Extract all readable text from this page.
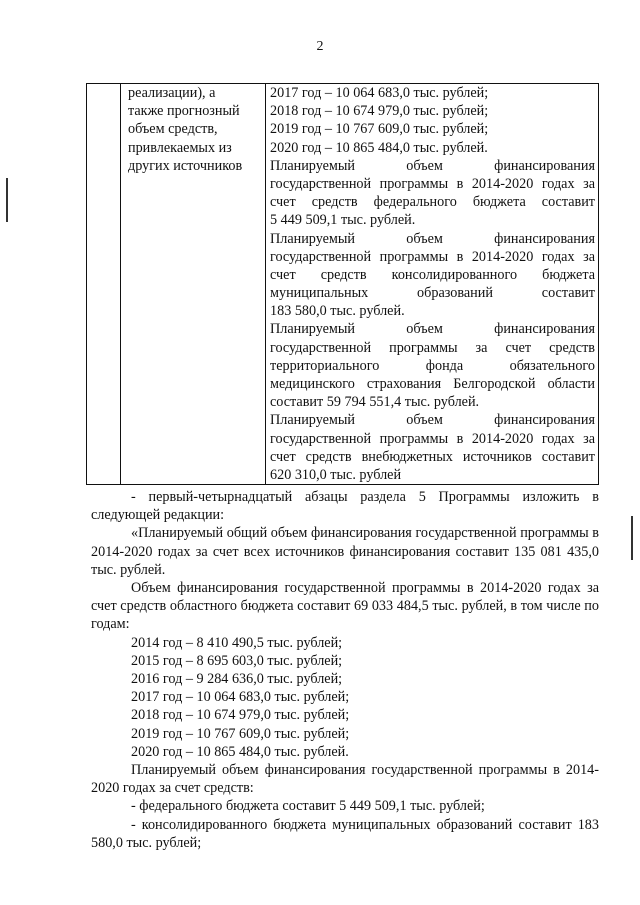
2

реализации), а
также прогнозный
объем средств,
привлекаемых из
других источников

2017 год – 10 064 683,0 тыс. рублей;
2018 год – 10 674 979,0 тыс. рублей;
2019 год – 10 767 609,0 тыс. рублей;
2020 год – 10 865 484,0 тыс. рублей.
Планируемый объем финансирования
государственной программы в 2014-2020 годах за
счет средств федерального бюджета составит
5 449 509,1 тыс. рублей.
Планируемый объем финансирования
государственной программы в 2014-2020 годах за
счет средств консолидированного бюджета
муниципальных образований составит
183 580,0 тыс. рублей.
Планируемый объем финансирования
государственной программы за счет средств
территориального фонда обязательного
медицинского страхования Белгородской области
составит 59 794 551,4 тыс. рублей.
Планируемый объем финансирования
государственной программы в 2014-2020 годах за
счет средств внебюджетных источников составит
620 310,0 тыс. рублей

- первый-четырнадцатый абзацы раздела 5 Программы изложить в следующей редакции:

«Планируемый общий объем финансирования государственной программы в 2014-2020 годах за счет всех источников финансирования составит 135 081 435,0 тыс. рублей.

Объем финансирования государственной программы в 2014-2020 годах за счет средств областного бюджета составит 69 033 484,5 тыс. рублей, в том числе по годам:

2014 год – 8 410 490,5 тыс. рублей;
2015 год – 8 695 603,0 тыс. рублей;
2016 год – 9 284 636,0 тыс. рублей;
2017 год – 10 064 683,0 тыс. рублей;
2018 год – 10 674 979,0 тыс. рублей;
2019 год – 10 767 609,0 тыс. рублей;
2020 год – 10 865 484,0 тыс. рублей.

Планируемый объем финансирования государственной программы в 2014-2020 годах за счет средств:

- федерального бюджета составит 5 449 509,1 тыс. рублей;

- консолидированного бюджета муниципальных образований составит 183 580,0 тыс. рублей;
